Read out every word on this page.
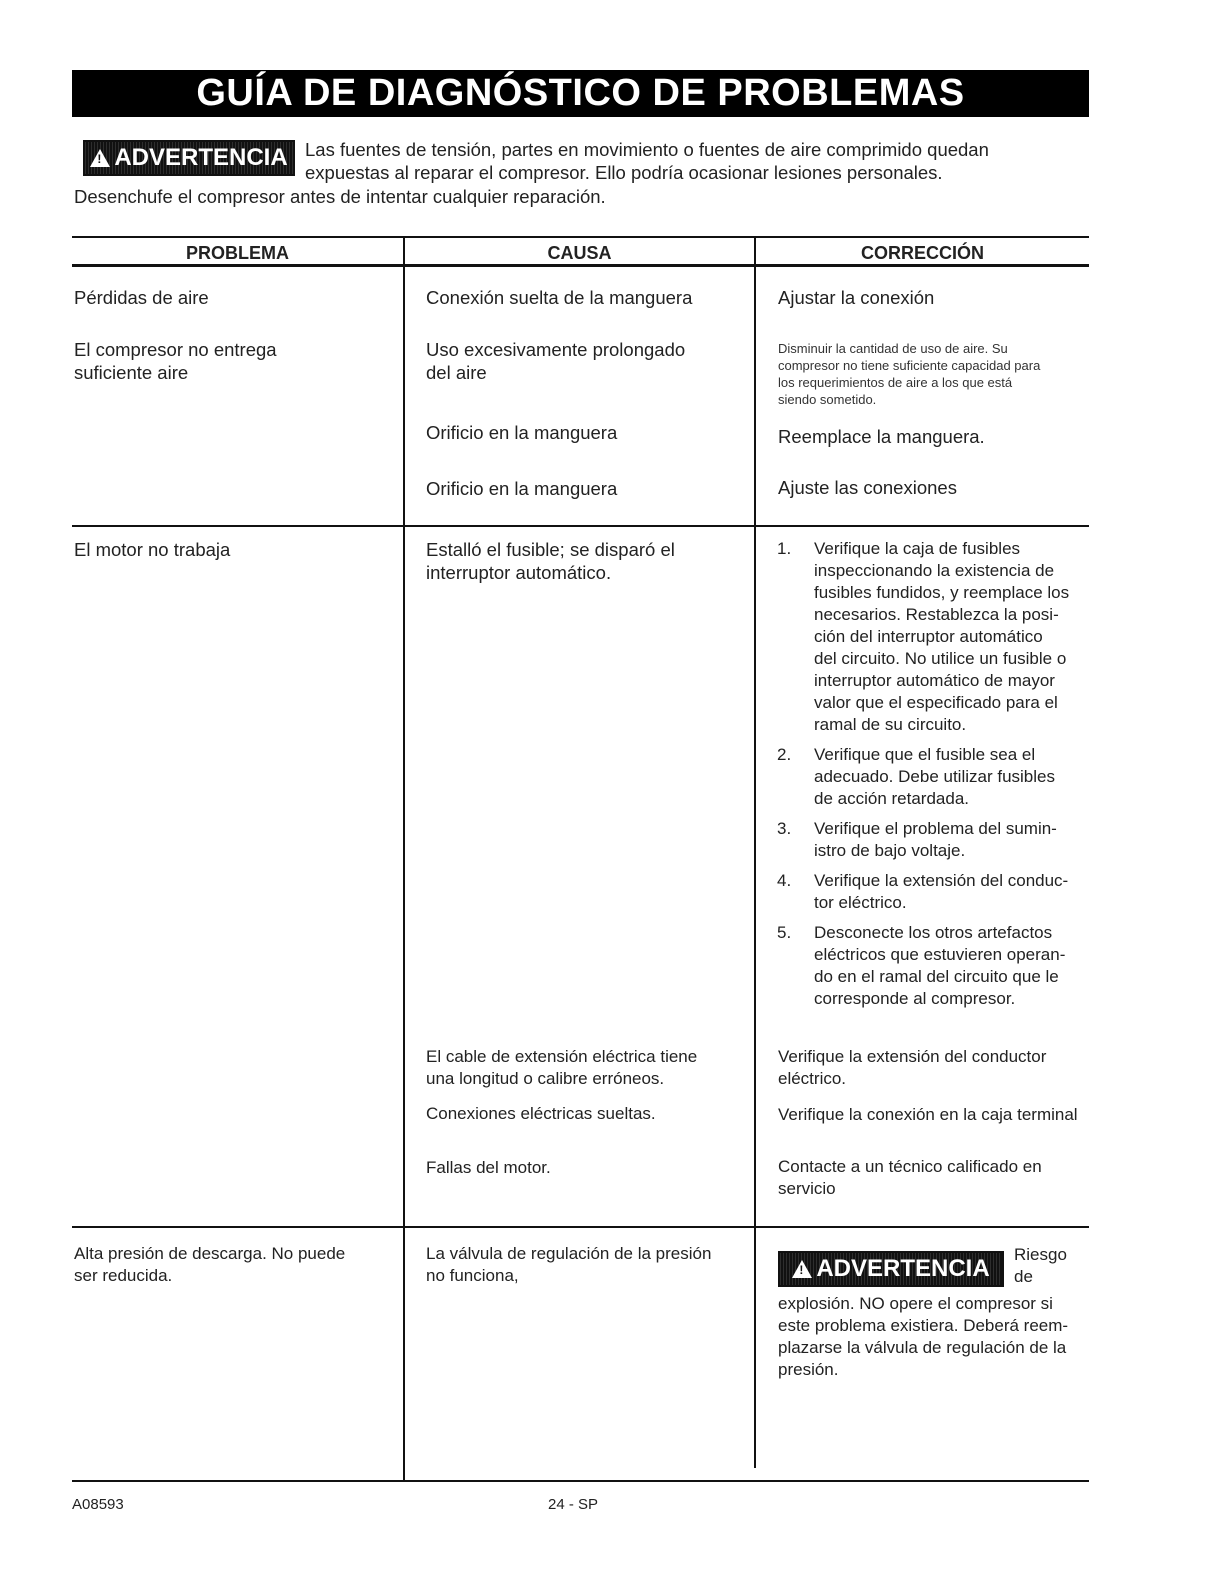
GUÍA DE DIAGNÓSTICO DE PROBLEMAS
!
ADVERTENCIA Las fuentes de tensión, partes en movimiento o fuentes de aire comprimido quedan
expuestas al reparar el compresor. Ello podría ocasionar lesiones personales.
Desenchufe el compresor antes de intentar cualquier reparación.
PROBLEMA	CAUSA	CORRECCIÓN
Pérdidas de aire	Conexión suelta de la manguera	Ajustar la conexión
El compresor no entrega
suficiente aire
Uso excesivamente prolongado
del aire
Disminuir la cantidad de uso de aire. Su
compresor no tiene suficiente capacidad para
los requerimientos de aire a los que está
siendo sometido.
Orificio en la manguera	Reemplace la manguera.
Orificio en la manguera	Ajuste las conexiones
El motor no trabaja	Estalló el fusible; se disparó el
interruptor automático.
1. Verifique la caja de fusibles
inspeccionando la existencia de
fusibles fundidos, y reemplace los
necesarios. Restablezca la posi-
ción del interruptor automático
del circuito. No utilice un fusible o
interruptor automático de mayor
valor que el especificado para el
ramal de su circuito.
2. Verifique que el fusible sea el
adecuado. Debe utilizar fusibles
de acción retardada.
3. Verifique el problema del sumin-
istro de bajo voltaje.
4. Verifique la extensión del conduc-
tor eléctrico.
5. Desconecte los otros artefactos
eléctricos que estuvieren operan-
do en el ramal del circuito que le
corresponde al compresor.
El cable de extensión eléctrica tiene
una longitud o calibre erróneos.
Verifique la extensión del conductor
eléctrico.
Conexiones eléctricas sueltas.	Verifique la conexión en la caja terminal
Fallas del motor.	Contacte a un técnico calificado en
servicio
Alta presión de descarga. No puede
ser reducida.
La válvula de regulación de la presión
no funciona,
!	ADVERTENCIA
Riesgo
de
explosión. NO opere el compresor si
este problema existiera. Deberá reem-
plazarse la válvula de regulación de la
presión.
A08593	24 - SP
